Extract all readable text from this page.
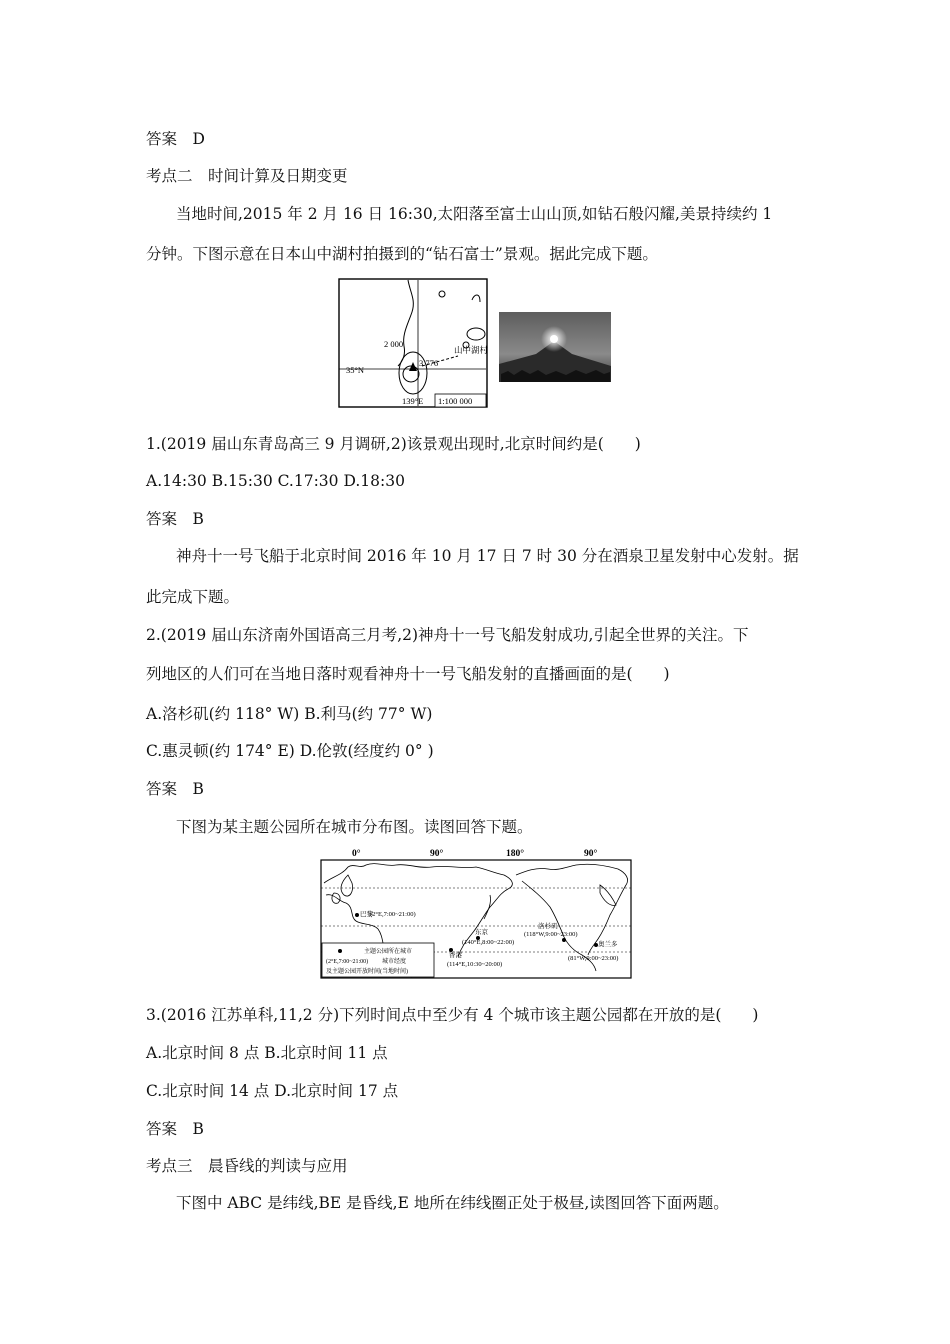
答案　D
考点二　时间计算及日期变更
当地时间,2015 年 2 月 16 日 16:30,太阳落至富士山山顶,如钻石般闪耀,美景持续约 1
分钟。下图示意在日本山中湖村拍摄到的“钻石富士”景观。据此完成下题。
2 000
3 776
山中湖村
35°N
139°E 1:100 000
1.(2019 届山东青岛高三 9 月调研,2)该景观出现时,北京时间约是(　　)
A.14:30 B.15:30 C.17:30 D.18:30
答案　B
神舟十一号飞船于北京时间 2016 年 10 月 17 日 7 时 30 分在酒泉卫星发射中心发射。据
此完成下题。
2.(2019 届山东济南外国语高三月考,2)神舟十一号飞船发射成功,引起全世界的关注。下
列地区的人们可在当地日落时观看神舟十一号飞船发射的直播画面的是(　　)
A.洛杉矶(约 118° W) B.利马(约 77° W)
C.惠灵顿(约 174° E) D.伦敦(经度约 0° )
答案　B
下图为某主题公园所在城市分布图。读图回答下题。
0°	90°	180°	90°
巴黎
(2°E,7:00~21:00)
东京
(140°E,8:00~22:00)
香港
(114°E,10:30~20:00)
洛杉矶
(118°W,9:00~23:00)
奥兰多
(81°W,9:00~23:00)
主题公园所在城市
(2°E,7:00~21:00) 城市经度
及主题公园开放时间(当地时间)
3.(2016 江苏单科,11,2 分)下列时间点中至少有 4 个城市该主题公园都在开放的是(　　)
A.北京时间 8 点 B.北京时间 11 点
C.北京时间 14 点 D.北京时间 17 点
答案　B
考点三　晨昏线的判读与应用
下图中 ABC 是纬线,BE 是昏线,E 地所在纬线圈正处于极昼,读图回答下面两题。
